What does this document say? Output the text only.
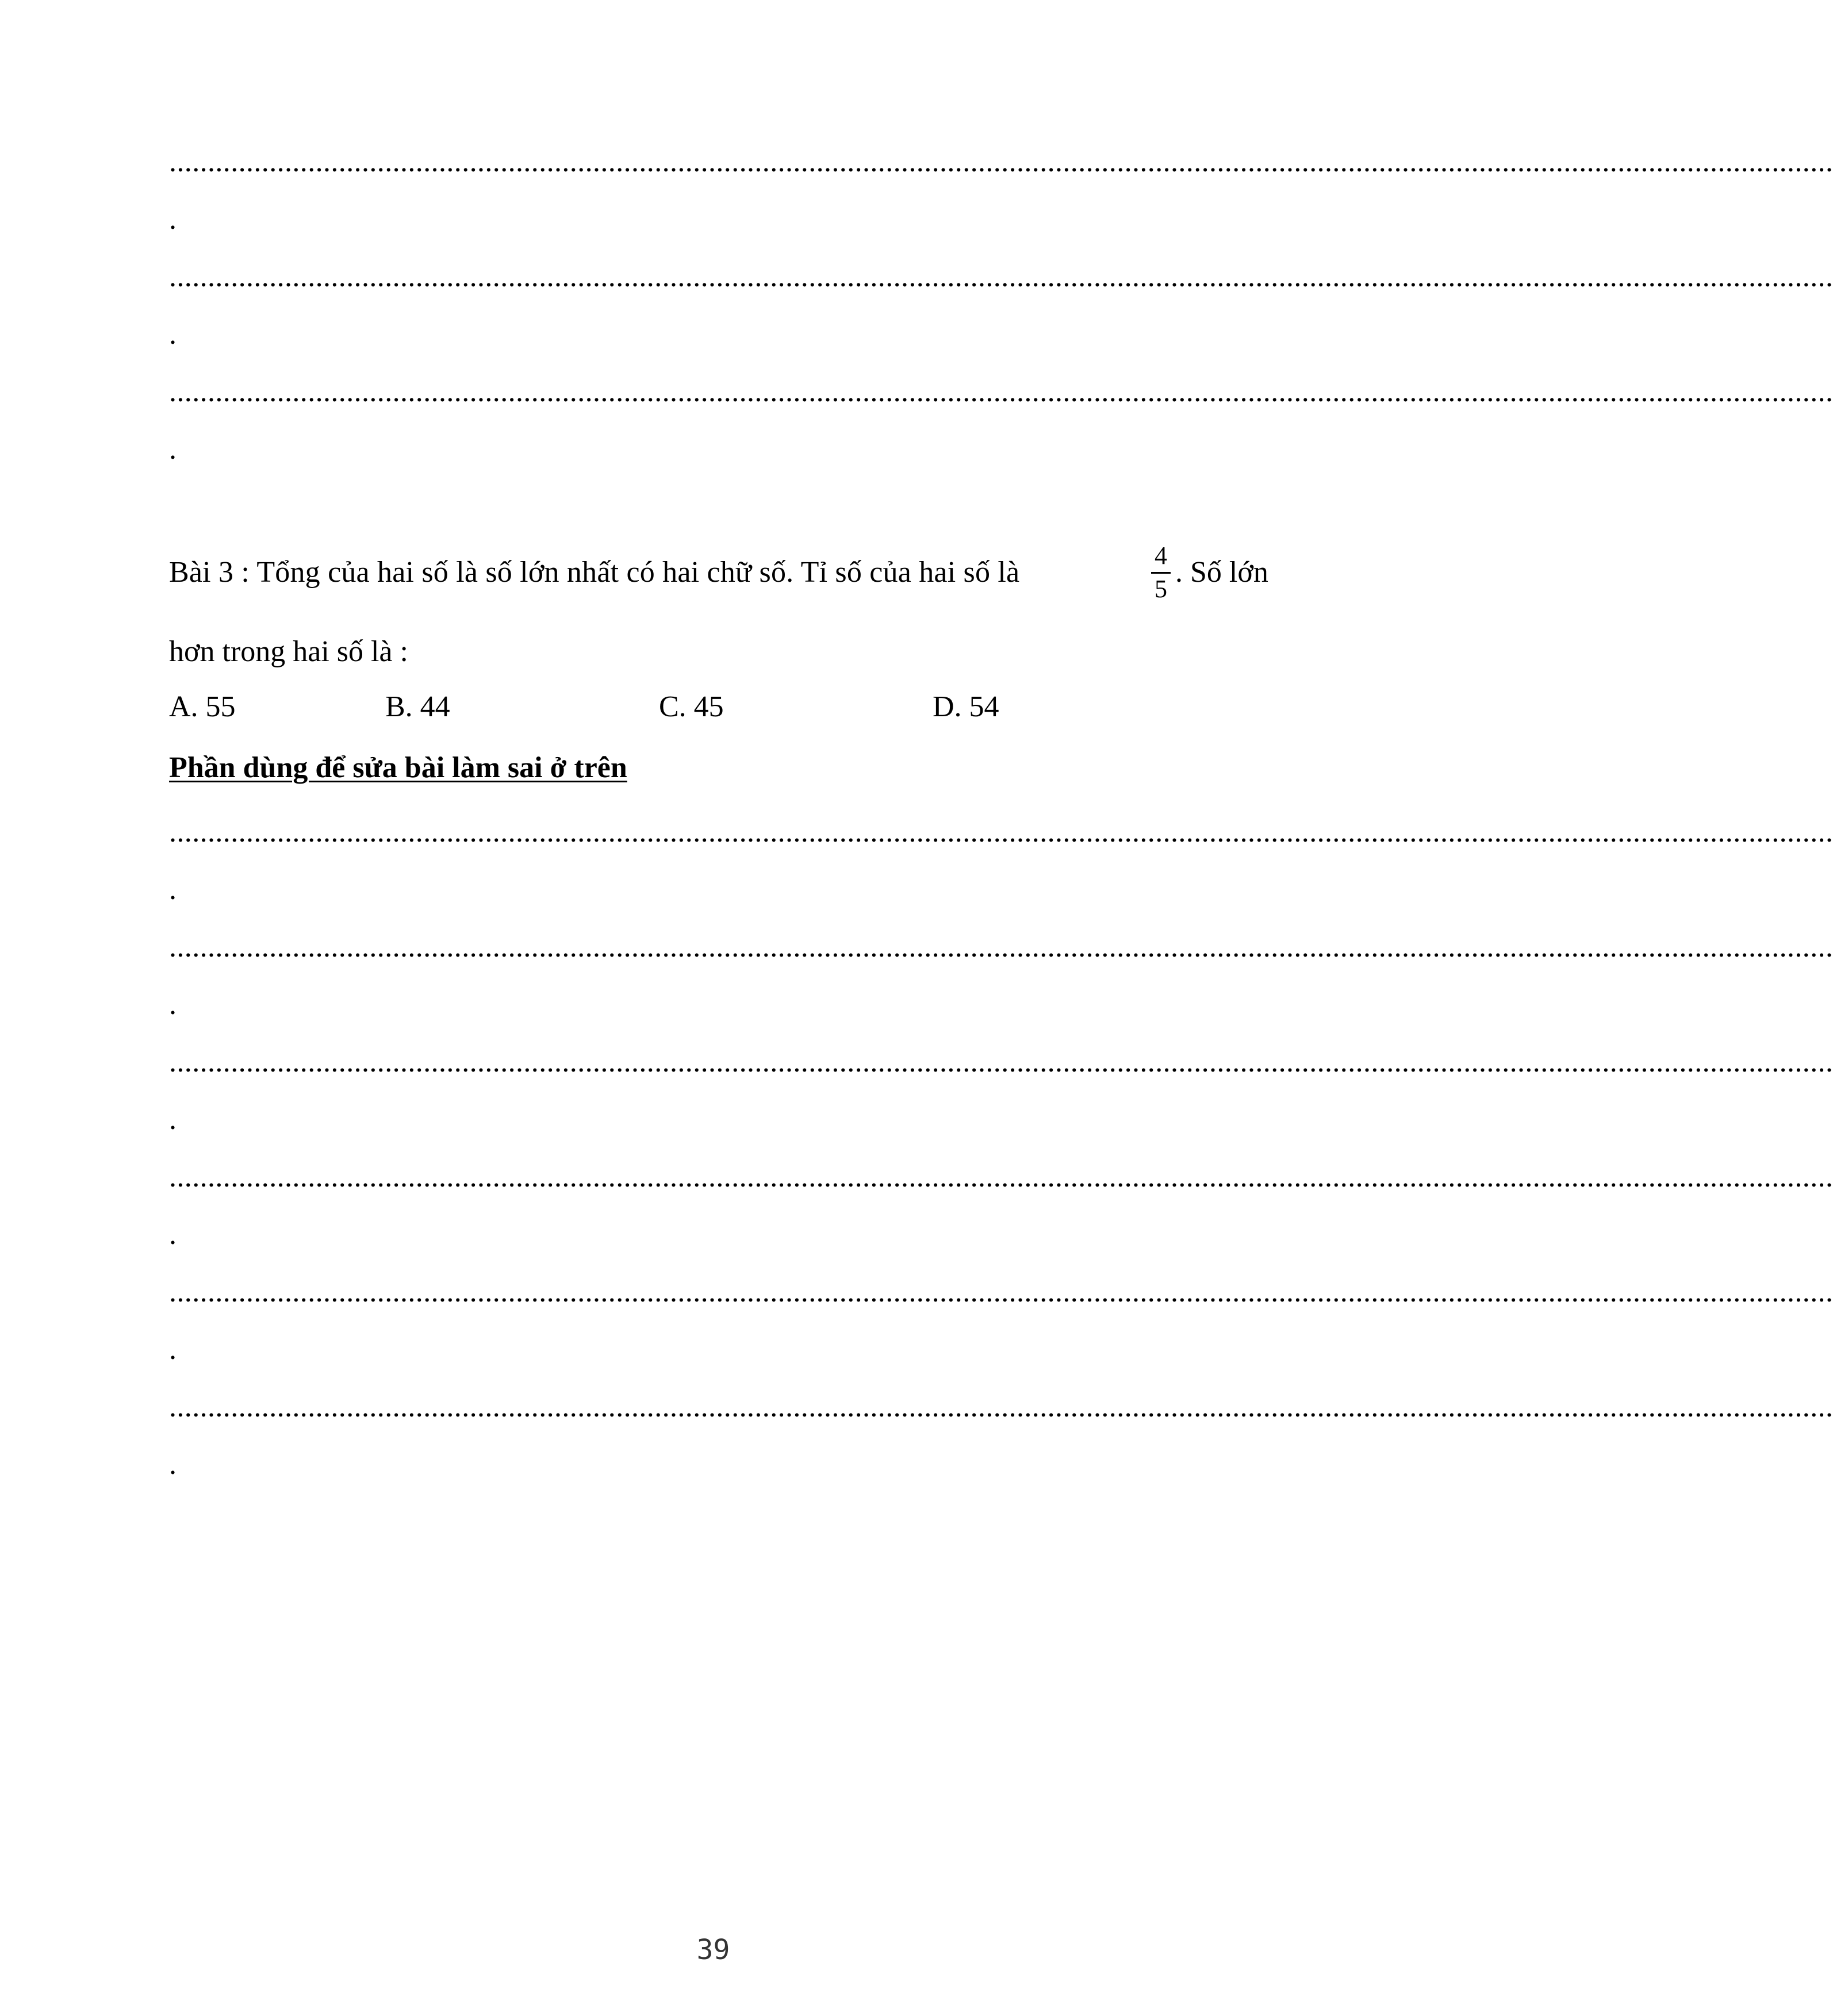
........................................................................................................................................................................................................................
.
........................................................................................................................................................................................................................
.
........................................................................................................................................................................................................................
.
Bài 3 : Tổng của hai số là số lớn nhất có hai chữ số. Tỉ số của hai số là
4
5
. Số lớn
hơn trong hai số là :
A. 55	B. 44	C. 45	D. 54
Phần dùng để sửa bài làm sai ở trên
........................................................................................................................................................................................................................
.
........................................................................................................................................................................................................................
.
........................................................................................................................................................................................................................
.
........................................................................................................................................................................................................................
.
........................................................................................................................................................................................................................
.
........................................................................................................................................................................................................................
.
39
